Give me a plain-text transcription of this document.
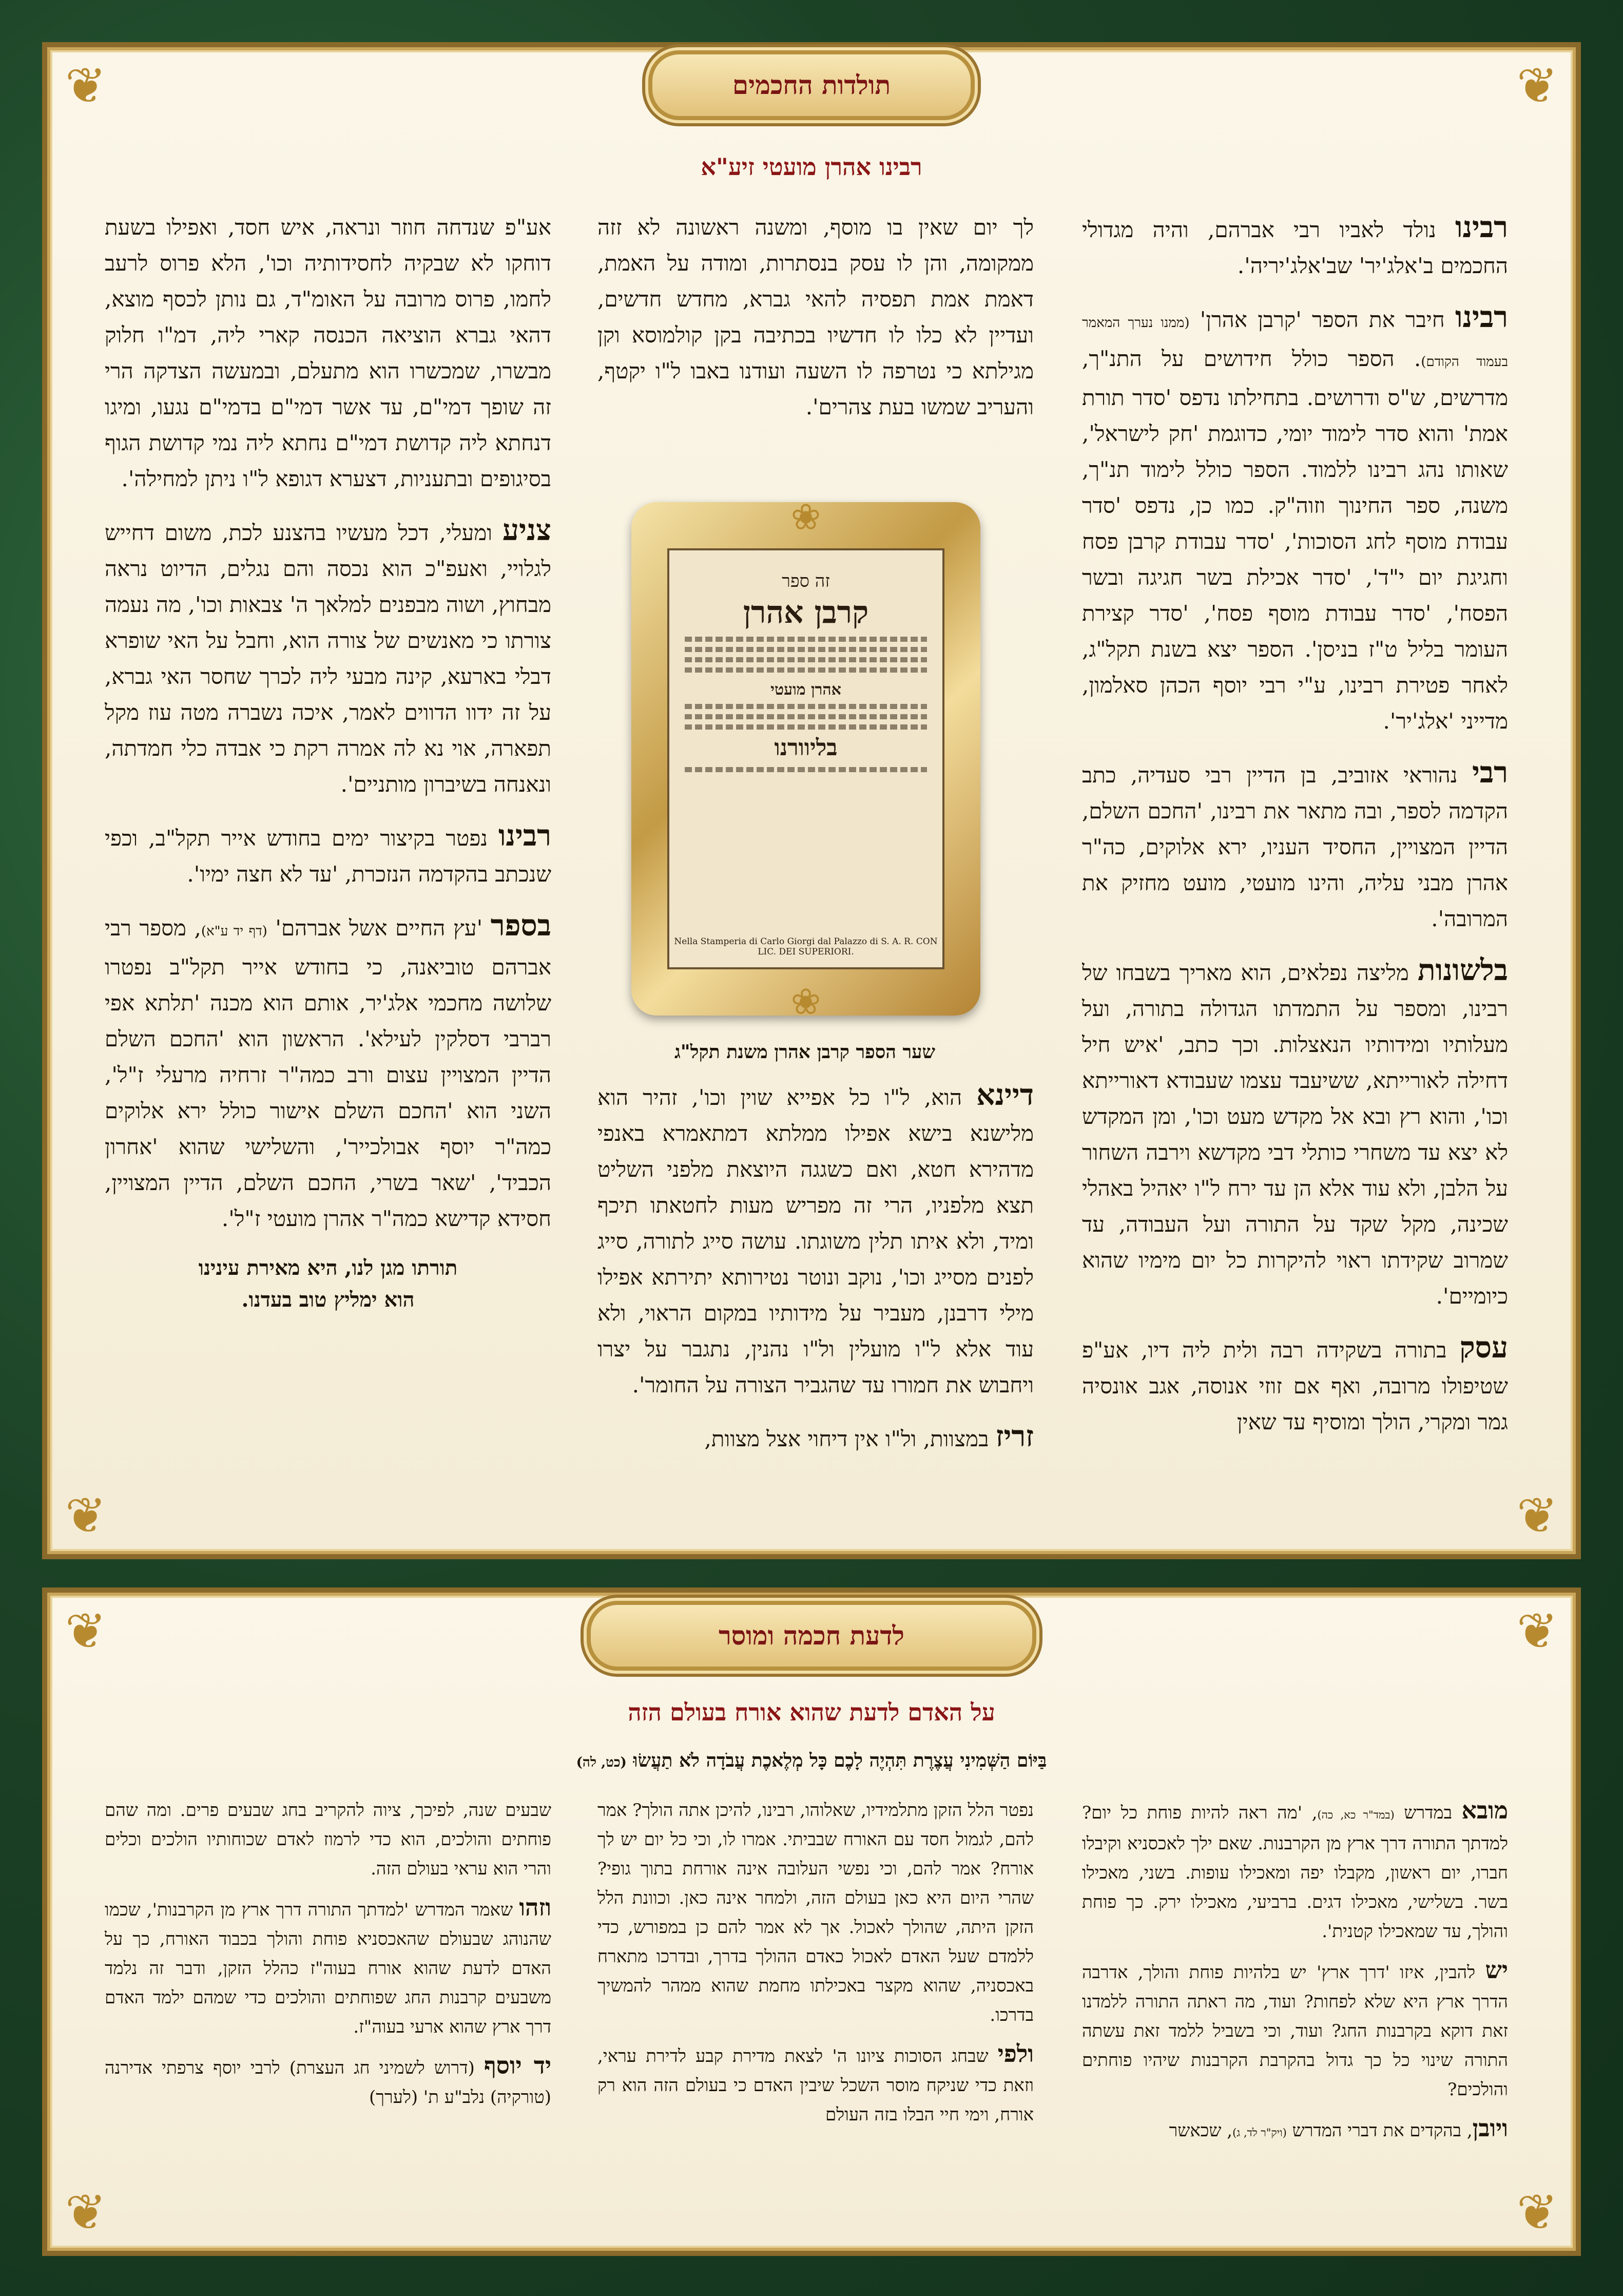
❦	❦
❦	❦
תולדות החכמים
רבינו אהרן מועטי זיע"א

רבינו נולד לאביו רבי אברהם, והיה מגדולי החכמים ב'אלג'יר' שב'אלג'יריה'.

רבינו חיבר את הספר 'קרבן אהרן' (ממנו נערך המאמר בעמוד הקודם). הספר כולל חידושים על התנ"ך, מדרשים, ש"ס ודרושים. בתחילתו נדפס 'סדר תורת אמת' והוא סדר לימוד יומי, כדוגמת 'חק לישראל', שאותו נהג רבינו ללמוד. הספר כולל לימוד תנ"ך, משנה, ספר החינוך וזוה"ק. כמו כן, נדפס 'סדר עבודת מוסף לחג הסוכות', 'סדר עבודת קרבן פסח וחגיגת יום י"ד', 'סדר אכילת בשר חגיגה ובשר הפסח', 'סדר עבודת מוסף פסח', 'סדר קצירת העומר בליל ט"ז בניסן'. הספר יצא בשנת תקל"ג, לאחר פטירת רבינו, ע"י רבי יוסף הכהן סאלמון, מדייני 'אלג'יר'.

רבי נהוראי אזוביב, בן הדיין רבי סעדיה, כתב הקדמה לספר, ובה מתאר את רבינו, 'החכם השלם, הדיין המצויין, החסיד העניו, ירא אלוקים, כה"ר אהרן מבני עליה, והינו מועטי, מועט מחזיק את המרובה'.

בלשונות מליצה נפלאים, הוא מאריך בשבחו של רבינו, ומספר על התמדתו הגדולה בתורה, ועל מעלותיו ומידותיו הנאצלות. וכך כתב, 'איש חיל דחילה לאורייתא, ששיעבד עצמו שעבודא דאורייתא וכו', והוא רץ ובא אל מקדש מעט וכו', ומן המקדש לא יצא עד משחרי כותלי דבי מקדשא וירבה השחור על הלבן, ולא עוד אלא הן עד ירח ל"ו יאהיל באהלי שכינה, מקל שקד על התורה ועל העבודה, עד שמרוב שקידתו ראוי להיקרות כל יום מימיו שהוא כיומיים'.

עסק בתורה בשקידה רבה ולית ליה דיו, אע"פ שטיפולו מרובה, ואף אם זוזי אנוסה, אגב אונסיה גמר ומקרי, הולך ומוסיף עד שאין

לך יום שאין בו מוסף, ומשנה ראשונה לא זזה ממקומה, והן לו עסק בנסתרות, ומודה על האמת, דאמת אמת תפסיה להאי גברא, מחדש חדשים, ועדיין לא כלו לו חדשיו בכתיבה בקן קולמוסא וקן מגילתא כי נטרפה לו השעה ועודנו באבו ל"ו יקטף, והעריב שמשו בעת צהרים'.

❀
זה ספר
קרבן אהרן
אהרן מועטי
בליוורנו
Nella Stamperia di Carlo Giorgi dal Palazzo di S. A. R. CON LIC. DEI SUPERIORI.
❀
שער הספר קרבן אהרן משנת תקל"ג

דיינא הוא, ל"ו כל אפייא שוין וכו', זהיר הוא מלישנא בישא אפילו ממלתא דמתאמרא באנפי מדהירא חטא, ואם כשגגה היוצאת מלפני השליט תצא מלפניו, הרי זה מפריש מעות לחטאתו תיכף ומיד, ולא איתו תלין משוגתו. עושה סייג לתורה, סייג לפנים מסייג וכו', נוקב ונוטר נטירותא יתירתא אפילו מילי דרבנן, מעביר על מידותיו במקום הראוי, ולא עוד אלא ל"ו מועלין ול"ו נהנין, נתגבר על יצרו ויחבוש את חמורו עד שהגביר הצורה על החומר'.

זריז במצוות, ול"ו אין דיחוי אצל מצוות,

אע"פ שנדחה חוזר ונראה, איש חסד, ואפילו בשעת דוחקו לא שבקיה לחסידותיה וכו', הלא פרוס לרעב לחמו, פרוס מרובה על האומ"ד, גם נותן לכסף מוצא, דהאי גברא הוציאה הכנסה קארי ליה, דמ"ו חלוק מבשרו, שמכשרו הוא מתעלם, ובמעשה הצדקה הרי זה שופך דמי"ם, עד אשר דמי"ם בדמי"ם נגעו, ומיגו דנחתא ליה קדושת דמי"ם נחתא ליה נמי קדושת הגוף בסיגופים ובתעניות, דצערא דגופא ל"ו ניתן למחילה'.

צניע ומעלי, דכל מעשיו בהצנע לכת, משום דחייש לגלויי, ואעפ"כ הוא נכסה והם נגלים, הדיוט נראה מבחוץ, ושוה מבפנים למלאך ה' צבאות וכו', מה נעמה צורתו כי מאנשים של צורה הוא, וחבל על האי שופרא דבלי בארעא, קינה מבעי ליה לכרך שחסר האי גברא, על זה ידוו הדווים לאמר, איכה נשברה מטה עוז מקל תפארה, אוי נא לה אמרה רקת כי אבדה כלי חמדתה, ונאנחה בשיברון מותניים'.

רבינו נפטר בקיצור ימים בחודש אייר תקל"ב, וכפי שנכתב בהקדמה הנזכרת, 'עד לא חצה ימיו'.

בספר 'עץ החיים אשל אברהם' (דף יד ע"א), מספר רבי אברהם טוביאנה, כי בחודש אייר תקל"ב נפטרו שלושה מחכמי אלג'יר, אותם הוא מכנה 'תלתא אפי רברבי דסלקין לעילא'. הראשון הוא 'החכם השלם הדיין המצויין עצום ורב כמה"ר זרחיה מרעלי ז"ל', השני הוא 'החכם השלם אישור כולל ירא אלוקים כמה"ר יוסף אבולכייר', והשלישי שהוא 'אחרון הכביד', 'שאר בשרי, החכם השלם, הדיין המצויין, חסידא קדישא כמה"ר אהרן מועטי ז"ל'.

תורתו מגן לנו, היא מאירת עינינו
הוא ימליץ טוב בעדנו.
❦	❦
❦	❦
לדעת חכמה ומוסר
על האדם לדעת שהוא אורח בעולם הזה
בַּיּוֹם הַשְּׁמִינִי עֲצֶרֶת תִּהְיֶה לָכֶם כָּל מְלֶאכֶת עֲבֹדָה לֹא תַעֲשׂוּ (כט, לה)

מובא במדרש (במד"ר כא, כה), 'מה ראה להיות פוחת כל יום? למדתך התורה דרך ארץ מן הקרבנות. שאם ילך לאכסניא וקיבלו חברו, יום ראשון, מקבלו יפה ומאכילו עופות. בשני, מאכילו בשר. בשלישי, מאכילו דגים. ברביעי, מאכילו ירק. כך פוחת והולך, עד שמאכילו קטנית'.

יש להבין, איזו 'דרך ארץ' יש בלהיות פוחת והולך, אדרבה הדרך ארץ היא שלא לפחות? ועוד, מה ראתה התורה ללמדנו זאת דוקא בקרבנות החג? ועוד, וכי בשביל ללמד זאת עשתה התורה שינוי כל כך גדול בהקרבת הקרבנות שיהיו פוחתים והולכים?

ויובן, בהקדים את דברי המדרש (ויק"ר לד, ג), שכאשר

נפטר הלל הזקן מתלמידיו, שאלוהו, רבינו, להיכן אתה הולך? אמר להם, לגמול חסד עם האורח שבביתי. אמרו לו, וכי כל יום יש לך אורח? אמר להם, וכי נפשי העלובה אינה אורחת בתוך גופי? שהרי היום היא כאן בעולם הזה, ולמחר אינה כאן. וכוונת הלל הזקן היתה, שהולך לאכול. אך לא אמר להם כן במפורש, כדי ללמדם שעל האדם לאכול כאדם ההולך בדרך, ובדרכו מתארח באכסניה, שהוא מקצר באכילתו מחמת שהוא ממהר להמשיך בדרכו.

ולפי שבחג הסוכות ציונו ה' לצאת מדירת קבע לדירת עראי, וזאת כדי שניקח מוסר השכל שיבין האדם כי בעולם הזה הוא רק אורח, וימי חיי הבלו בזה העולם

שבעים שנה, לפיכך, ציוה להקריב בחג שבעים פרים. ומה שהם פוחתים והולכים, הוא כדי לרמוז לאדם שכוחותיו הולכים וכלים והרי הוא עראי בעולם הזה.

וזהו שאמר המדרש 'למדתך התורה דרך ארץ מן הקרבנות', שכמו שהנוהג שבעולם שהאכסניא פוחת והולך בכבוד האורח, כך על האדם לדעת שהוא אורח בעוה"ז כהלל הזקן, ודבר זה נלמד משבעים קרבנות החג שפוחתים והולכים כדי שמהם ילמד האדם דרך ארץ שהוא ארעי בעוה"ז.

יד יוסף (דרוש לשמיני חג העצרת) לרבי יוסף צרפתי אדירנה (טורקיה) נלב"ע ת' (לערך)
